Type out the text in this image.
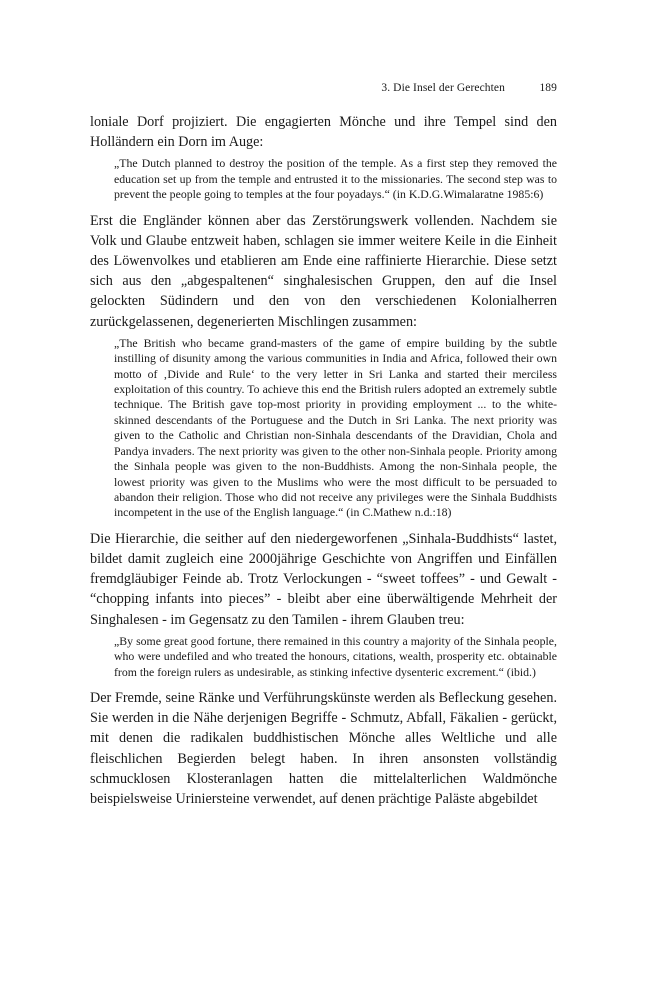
3. Die Insel der Gerechten	189

loniale Dorf projiziert. Die engagierten Mönche und ihre Tempel sind den Holländern ein Dorn im Auge:

„The Dutch planned to destroy the position of the temple. As a first step they removed the education set up from the temple and entrusted it to the missionaries. The second step was to prevent the people going to temples at the four poyadays.“ (in K.D.G.Wimalaratne 1985:6)

Erst die Engländer können aber das Zerstörungswerk vollenden. Nachdem sie Volk und Glaube entzweit haben, schlagen sie immer weitere Keile in die Einheit des Löwenvolkes und etablieren am Ende eine raffinierte Hierarchie. Diese setzt sich aus den „abgespaltenen“ singhalesischen Gruppen, den auf die Insel gelockten Südindern und den von den verschiedenen Kolonialherren zurückgelassenen, degenerierten Mischlingen zusammen:

„The British who became grand-masters of the game of empire building by the subtle instilling of disunity among the various communities in India and Africa, followed their own motto of ‚Divide and Rule‘ to the very letter in Sri Lanka and started their merciless exploitation of this country. To achieve this end the British rulers adopted an extremely subtle technique. The British gave top-most priority in providing employment ... to the white-skinned descendants of the Portuguese and the Dutch in Sri Lanka. The next priority was given to the Catholic and Christian non-Sinhala descendants of the Dravidian, Chola and Pandya invaders. The next priority was given to the other non-Sinhala people. Priority among the Sinhala people was given to the non-Buddhists. Among the non-Sinhala people, the lowest priority was given to the Muslims who were the most difficult to be persuaded to abandon their religion. Those who did not receive any privileges were the Sinhala Buddhists incompetent in the use of the English language.“ (in C.Mathew n.d.:18)

Die Hierarchie, die seither auf den niedergeworfenen „Sinhala-Buddhists“ lastet, bildet damit zugleich eine 2000jährige Geschichte von Angriffen und Einfällen fremdgläubiger Feinde ab. Trotz Verlockungen - “sweet toffees” - und Gewalt - “chopping infants into pieces” - bleibt aber eine überwältigende Mehrheit der Singhalesen - im Gegensatz zu den Tamilen - ihrem Glauben treu:

„By some great good fortune, there remained in this country a majority of the Sinhala people, who were undefiled and who treated the honours, citations, wealth, prosperity etc. obtainable from the foreign rulers as undesirable, as stinking infective dysenteric excrement.“ (ibid.)

Der Fremde, seine Ränke und Verführungskünste werden als Befleckung gesehen. Sie werden in die Nähe derjenigen Begriffe - Schmutz, Abfall, Fäkalien - gerückt, mit denen die radikalen buddhistischen Mönche alles Weltliche und alle fleischlichen Begierden belegt haben. In ihren ansonsten vollständig schmucklosen Klosteranlagen hatten die mittelalterlichen Waldmönche beispielsweise Uriniersteine verwendet, auf denen prächtige Paläste abgebildet
